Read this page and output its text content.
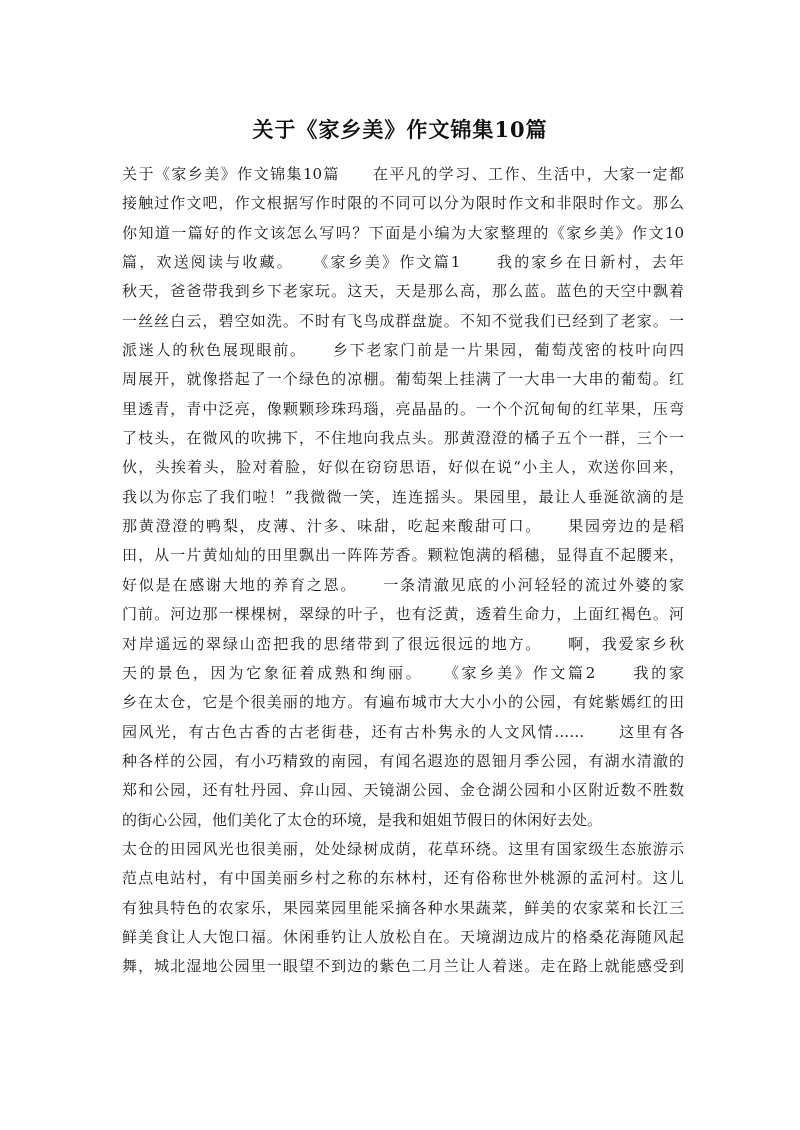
关于《家乡美》作文锦集10篇
关于《家乡美》作文锦集10篇　　在平凡的学习、工作、生活中，大家一定都
接触过作文吧，作文根据写作时限的不同可以分为限时作文和非限时作文。那么
你知道一篇好的作文该怎么写吗？下面是小编为大家整理的《家乡美》作文10
篇，欢送阅读与收藏。　　《家乡美》作文篇1　　我的家乡在日新村，去年
秋天，爸爸带我到乡下老家玩。这天，天是那么高，那么蓝。蓝色的天空中飘着
一丝丝白云，碧空如洗。不时有飞鸟成群盘旋。不知不觉我们已经到了老家。一
派迷人的秋色展现眼前。　　乡下老家门前是一片果园，葡萄茂密的枝叶向四
周展开，就像搭起了一个绿色的凉棚。葡萄架上挂满了一大串一大串的葡萄。红
里透青，青中泛亮，像颗颗珍珠玛瑙，亮晶晶的。一个个沉甸甸的红苹果，压弯
了枝头，在微风的吹拂下，不住地向我点头。那黄澄澄的橘子五个一群，三个一
伙，头挨着头，脸对着脸，好似在窃窃思语，好似在说“小主人，欢送你回来，
我以为你忘了我们啦！”我微微一笑，连连摇头。果园里，最让人垂涎欲滴的是
那黄澄澄的鸭梨，皮薄、汁多、味甜，吃起来酸甜可口。　　果园旁边的是稻
田，从一片黄灿灿的田里飘出一阵阵芳香。颗粒饱满的稻穗，显得直不起腰来，
好似是在感谢大地的养育之恩。　　一条清澈见底的小河轻轻的流过外婆的家
门前。河边那一棵棵树，翠绿的叶子，也有泛黄，透着生命力，上面红褐色。河
对岸遥远的翠绿山峦把我的思绪带到了很远很远的地方。　　啊，我爱家乡秋
天的景色，因为它象征着成熟和绚丽。　　《家乡美》作文篇2　　我的家
乡在太仓，它是个很美丽的地方。有遍布城市大大小小的公园，有姹紫嫣红的田
园风光，有古色古香的古老街巷，还有古朴隽永的人文风情……　　这里有各
种各样的公园，有小巧精致的南园，有闻名遐迩的恩钿月季公园，有湖水清澈的
郑和公园，还有牡丹园、弇山园、天镜湖公园、金仓湖公园和小区附近数不胜数
的街心公园，他们美化了太仓的环境，是我和姐姐节假日的休闲好去处。
太仓的田园风光也很美丽，处处绿树成荫，花草环绕。这里有国家级生态旅游示
范点电站村，有中国美丽乡村之称的东林村，还有俗称世外桃源的孟河村。这儿
有独具特色的农家乐，果园菜园里能采摘各种水果蔬菜，鲜美的农家菜和长江三
鲜美食让人大饱口福。休闲垂钓让人放松自在。天境湖边成片的格桑花海随风起
舞，城北湿地公园里一眼望不到边的紫色二月兰让人着迷。走在路上就能感受到
